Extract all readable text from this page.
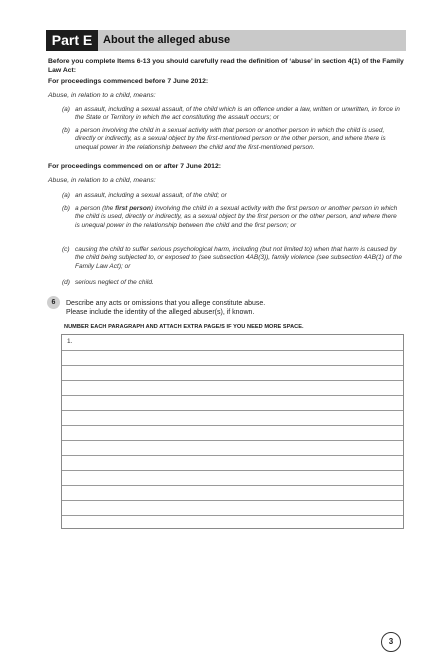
Part E About the alleged abuse
Before you complete Items 6-13 you should carefully read the definition of ‘abuse’ in section 4(1) of the Family Law Act:
For proceedings commenced before 7 June 2012:
Abuse, in relation to a child, means:
(a) an assault, including a sexual assault, of the child which is an offence under a law, written or unwritten, in force in the State or Territory in which the act constituting the assault occurs; or
(b) a person involving the child in a sexual activity with that person or another person in which the child is used, directly or indirectly, as a sexual object by the first-mentioned person or the other person, and where there is unequal power in the relationship between the child and the first-mentioned person.
For proceedings commenced on or after 7 June 2012:
Abuse, in relation to a child, means:
(a) an assault, including a sexual assault, of the child; or
(b) a person (the first person) involving the child in a sexual activity with the first person or another person in which the child is used, directly or indirectly, as a sexual object by the first person or the other person, and where there is unequal power in the relationship between the child and the first person; or
(c) causing the child to suffer serious psychological harm, including (but not limited to) when that harm is caused by the child being subjected to, or exposed to (see subsection 4AB(3)), family violence (see subsection 4AB(1) of the Family Law Act); or
(d) serious neglect of the child.
6	Describe any acts or omissions that you allege constitute abuse.
Please include the identity of the alleged abuser(s), if known.
NUMBER EACH PARAGRAPH AND ATTACH EXTRA PAGE/S IF YOU NEED MORE SPACE.
1.
3
